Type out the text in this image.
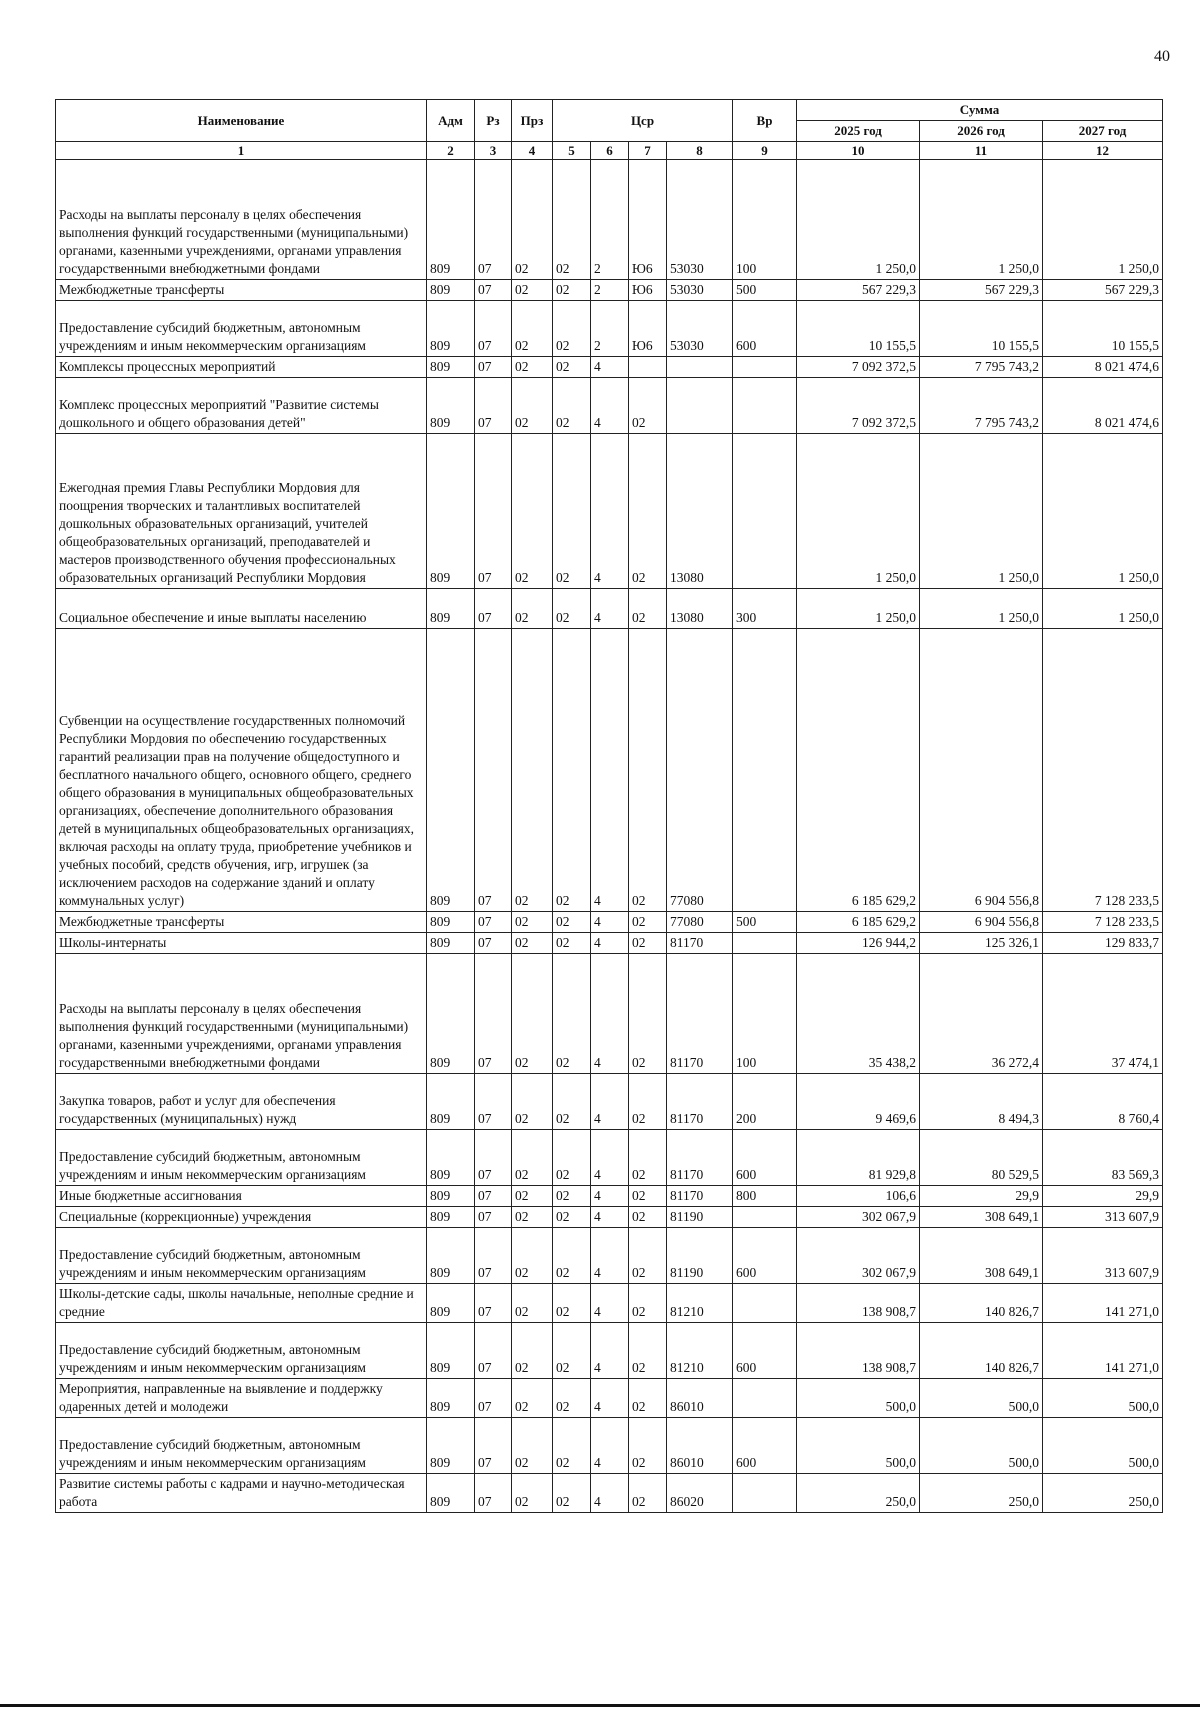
40
Наименование	Адм	Рз	Прз	Цср				Вр	Сумма		
									2025 год	2026 год	2027 год
1	2	3	4	5	6	7	8	9	10	11	12
Расходы на выплаты персоналу в целях обеспечения выполнения функций государственными (муниципальными) органами, казенными учреждениями, органами управления государственными внебюджетными фондами	809	07	02	02	2	Ю6	53030	100	1 250,0	1 250,0	1 250,0
Межбюджетные трансферты	809	07	02	02	2	Ю6	53030	500	567 229,3	567 229,3	567 229,3
Предоставление субсидий бюджетным, автономным учреждениям и иным некоммерческим организациям	809	07	02	02	2	Ю6	53030	600	10 155,5	10 155,5	10 155,5
Комплексы процессных мероприятий	809	07	02	02	4				7 092 372,5	7 795 743,2	8 021 474,6
Комплекс процессных мероприятий "Развитие системы дошкольного и общего образования детей"	809	07	02	02	4	02			7 092 372,5	7 795 743,2	8 021 474,6
Ежегодная премия Главы Республики Мордовия для поощрения творческих и талантливых воспитателей дошкольных образовательных организаций, учителей общеобразовательных организаций, преподавателей и мастеров производственного обучения профессиональных образовательных организаций Республики Мордовия	809	07	02	02	4	02	13080		1 250,0	1 250,0	1 250,0
Социальное обеспечение и иные выплаты населению	809	07	02	02	4	02	13080	300	1 250,0	1 250,0	1 250,0
Субвенции на осуществление государственных полномочий Республики Мордовия по обеспечению государственных гарантий реализации прав на получение общедоступного и бесплатного начального общего, основного общего, среднего общего образования в муниципальных общеобразовательных организациях, обеспечение дополнительного образования детей в муниципальных общеобразовательных организациях, включая расходы на оплату труда, приобретение учебников и учебных пособий, средств обучения, игр, игрушек (за исключением расходов на содержание зданий и оплату коммунальных услуг)	809	07	02	02	4	02	77080		6 185 629,2	6 904 556,8	7 128 233,5
Межбюджетные трансферты	809	07	02	02	4	02	77080	500	6 185 629,2	6 904 556,8	7 128 233,5
Школы-интернаты	809	07	02	02	4	02	81170		126 944,2	125 326,1	129 833,7
Расходы на выплаты персоналу в целях обеспечения выполнения функций государственными (муниципальными) органами, казенными учреждениями, органами управления государственными внебюджетными фондами	809	07	02	02	4	02	81170	100	35 438,2	36 272,4	37 474,1
Закупка товаров, работ и услуг для обеспечения государственных (муниципальных) нужд	809	07	02	02	4	02	81170	200	9 469,6	8 494,3	8 760,4
Предоставление субсидий бюджетным, автономным учреждениям и иным некоммерческим организациям	809	07	02	02	4	02	81170	600	81 929,8	80 529,5	83 569,3
Иные бюджетные ассигнования	809	07	02	02	4	02	81170	800	106,6	29,9	29,9
Специальные (коррекционные) учреждения	809	07	02	02	4	02	81190		302 067,9	308 649,1	313 607,9
Предоставление субсидий бюджетным, автономным учреждениям и иным некоммерческим организациям	809	07	02	02	4	02	81190	600	302 067,9	308 649,1	313 607,9
Школы-детские сады, школы начальные, неполные средние и средние	809	07	02	02	4	02	81210		138 908,7	140 826,7	141 271,0
Предоставление субсидий бюджетным, автономным учреждениям и иным некоммерческим организациям	809	07	02	02	4	02	81210	600	138 908,7	140 826,7	141 271,0
Мероприятия, направленные на выявление и поддержку одаренных детей и молодежи	809	07	02	02	4	02	86010		500,0	500,0	500,0
Предоставление субсидий бюджетным, автономным учреждениям и иным некоммерческим организациям	809	07	02	02	4	02	86010	600	500,0	500,0	500,0
Развитие системы работы с кадрами и научно-методическая работа	809	07	02	02	4	02	86020		250,0	250,0	250,0
